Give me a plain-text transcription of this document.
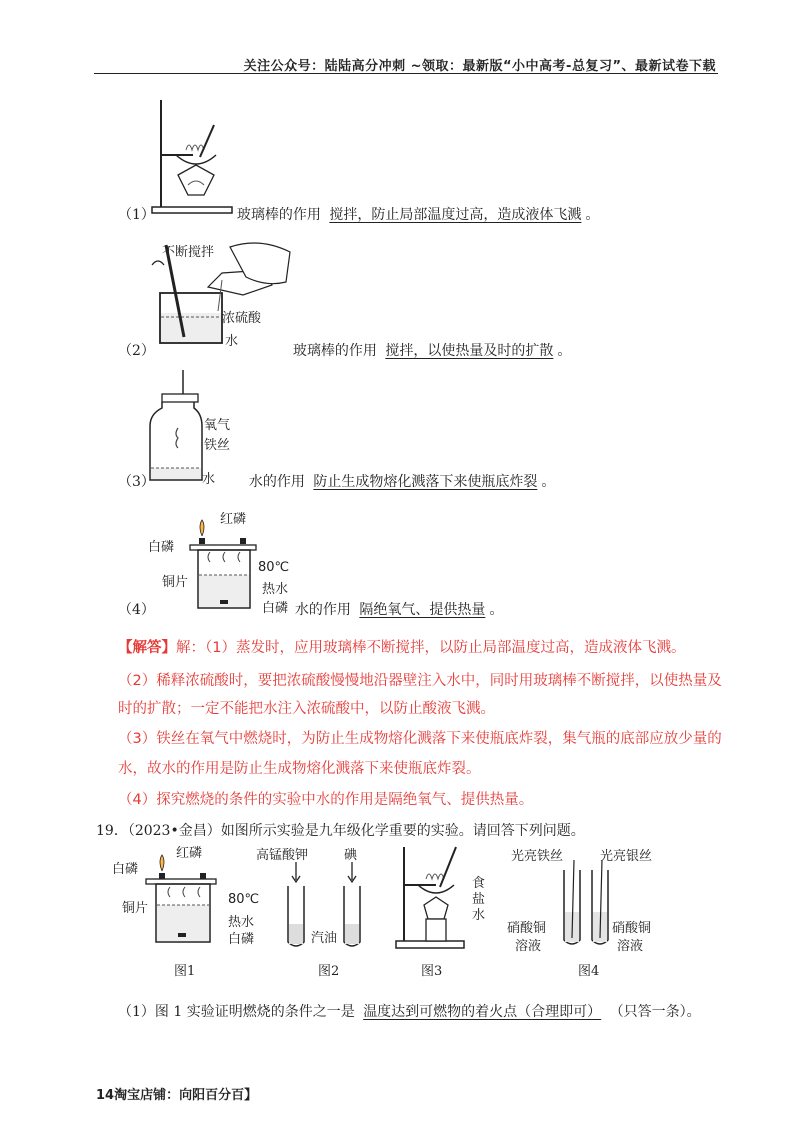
关注公众号：陆陆高分冲刺 ~领取：最新版“小中高考-总复习”、最新试卷下载
（1）	玻璃棒的作用 搅拌，防止局部温度过高，造成液体飞溅 。
不断搅拌
浓硫酸
水
（2）	玻璃棒的作用 搅拌，以使热量及时的扩散 。
氧气
铁丝
水
（3）	水的作用 防止生成物熔化溅落下来使瓶底炸裂 。
红磷
白磷
80℃
铜片	热水
白磷
（4）	水的作用 隔绝氧气、提供热量 。
【解答】解：（1）蒸发时，应用玻璃棒不断搅拌，以防止局部温度过高，造成液体飞溅。
（2）稀释浓硫酸时，要把浓硫酸慢慢地沿器壁注入水中，同时用玻璃棒不断搅拌，以使热量及
时的扩散；一定不能把水注入浓硫酸中，以防止酸液飞溅。
（3）铁丝在氧气中燃烧时，为防止生成物熔化溅落下来使瓶底炸裂，集气瓶的底部应放少量的
水，故水的作用是防止生成物熔化溅落下来使瓶底炸裂。
（4）探究燃烧的条件的实验中水的作用是隔绝氧气、提供热量。
19．（2023•金昌）如图所示实验是九年级化学重要的实验。请回答下列问题。
红磷
白磷
80℃
铜片
热水
白磷
图1
高锰酸钾	碘
汽油
图2
食
盐
水
图3
光亮铁丝	光亮银丝
硝酸铜
溶液
硝酸铜
溶液
图4
（1）图 1 实验证明燃烧的条件之一是 温度达到可燃物的着火点（合理即可） （只答一条）。
14淘宝店铺：向阳百分百】
